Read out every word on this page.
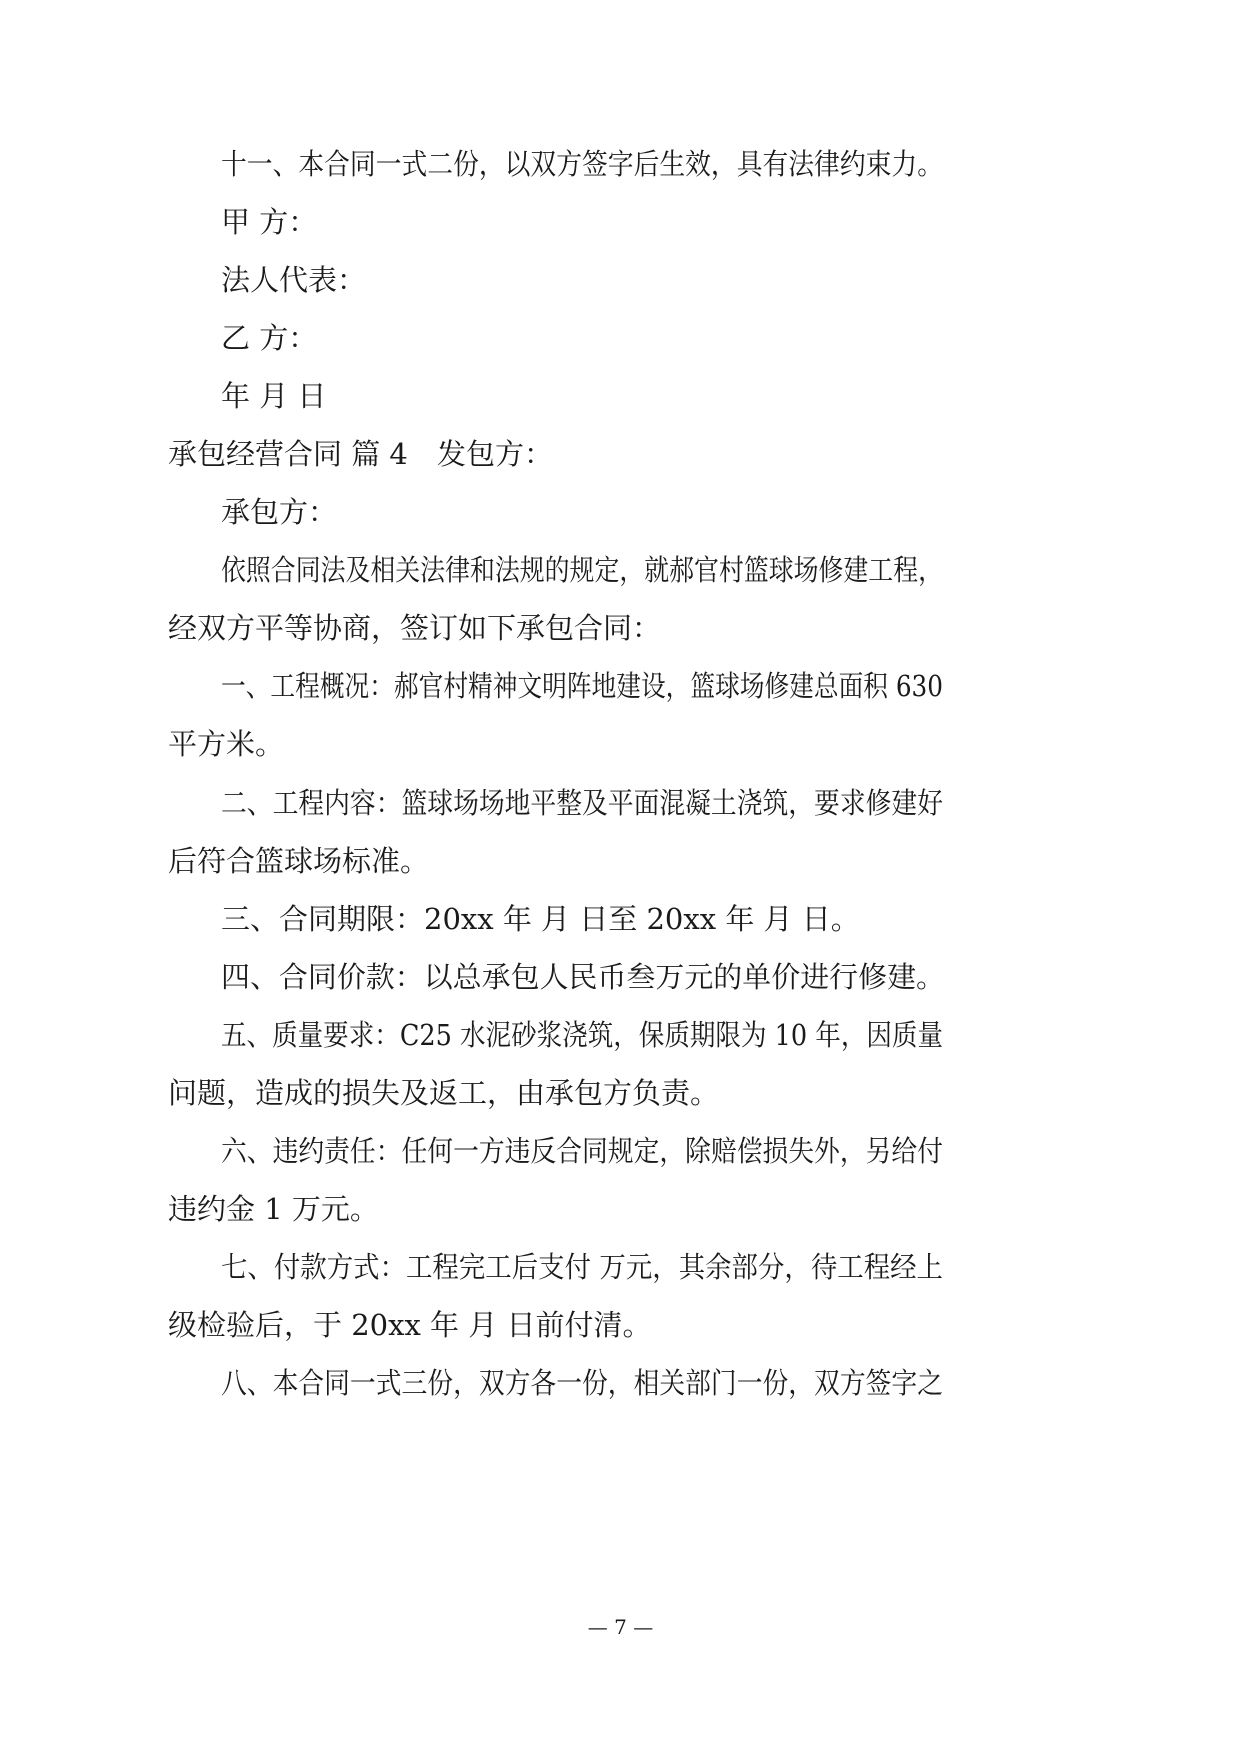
十一、本合同一式二份，以双方签字后生效，具有法律约束力。
甲 方：
法人代表：
乙 方：
年 月 日
承包经营合同 篇 4 发包方：
承包方：
依照合同法及相关法律和法规的规定，就郝官村篮球场修建工程，
经双方平等协商，签订如下承包合同：
一、工程概况：郝官村精神文明阵地建设，篮球场修建总面积 630
平方米。
二、工程内容：篮球场场地平整及平面混凝土浇筑，要求修建好
后符合篮球场标准。
三、合同期限：20xx 年 月 日至 20xx 年 月 日。
四、合同价款：以总承包人民币叁万元的单价进行修建。
五、质量要求：C25 水泥砂浆浇筑，保质期限为 10 年，因质量
问题，造成的损失及返工，由承包方负责。
六、违约责任：任何一方违反合同规定，除赔偿损失外，另给付
违约金 1 万元。
七、付款方式：工程完工后支付 万元，其余部分，待工程经上
级检验后，于 20xx 年 月 日前付清。
八、本合同一式三份，双方各一份，相关部门一份，双方签字之
— 7 —
